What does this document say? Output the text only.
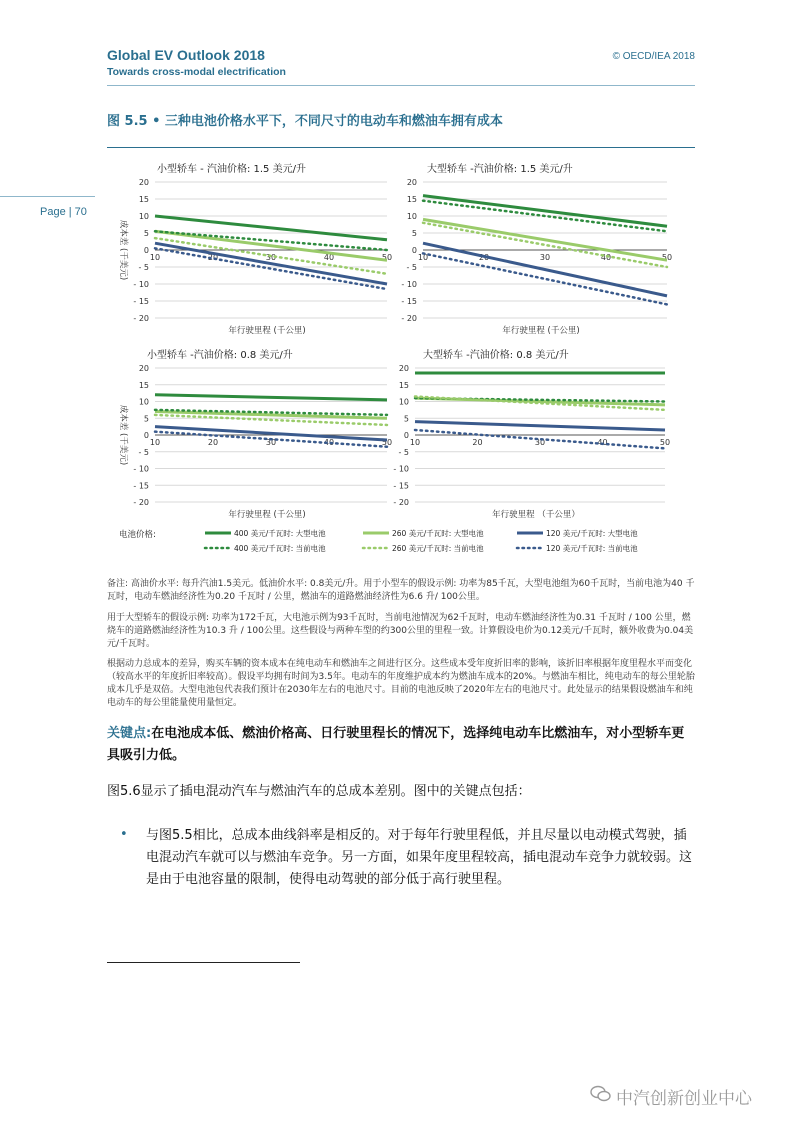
Global EV Outlook 2018
Towards cross-modal electrification
© OECD/IEA 2018
Page | 70
图 5.5 • 三种电池价格水平下，不同尺寸的电动车和燃油车拥有成本
小型轿车 - 汽油价格: 1.5 美元/升
20
15
10
5
0
- 5
- 10
- 15
- 20
10	20	30	40	50
年行驶里程 (千公里)
成本差 (千美元)
大型轿车 -汽油价格: 1.5 美元/升
20
15
10
5
0
- 5
- 10
- 15
- 20
10	20	30	40	50
年行驶里程 (千公里)
小型轿车 -汽油价格: 0.8 美元/升
20
15
10
5
0
- 5
- 10
- 15
- 20
10	20	30	40	50
年行驶里程 (千公里)
成本差 (千美元)
大型轿车 -汽油价格: 0.8 美元/升
20
15
10
5
0
- 5
- 10
- 15
- 20
10	20	30	40	50
年行驶里程 （千公里）
电池价格:	400 美元/千瓦时: 大型电池	260 美元/千瓦时: 大型电池	120 美元/千瓦时: 大型电池
400 美元/千瓦时: 当前电池	260 美元/千瓦时: 当前电池	120 美元/千瓦时: 当前电池
备注: 高油价水平: 每升汽油1.5美元。低油价水平: 0.8美元/升。用于小型车的假设示例: 功率为85千瓦，大型电池组为60千瓦时，当前电池为40 千瓦时，电动车燃油经济性为0.20 千瓦时 / 公里，燃油车的道路燃油经济性为6.6 升/ 100公里。
用于大型轿车的假设示例: 功率为172千瓦，大电池示例为93千瓦时，当前电池情况为62千瓦时，电动车燃油经济性为0.31 千瓦时 / 100 公里，燃烧车的道路燃油经济性为10.3 升 / 100公里。这些假设与两种车型的约300公里的里程一致。计算假设电价为0.12美元/千瓦时，额外收费为0.04美元/千瓦时。
根据动力总成本的差异，购买车辆的资本成本在纯电动车和燃油车之间进行区分。这些成本受年度折旧率的影响，该折旧率根据年度里程水平而变化（较高水平的年度折旧率较高）。假设平均拥有时间为3.5年。电动车的年度维护成本约为燃油车成本的20%。与燃油车相比，纯电动车的每公里轮胎成本几乎是双倍。大型电池包代表我们预计在2030年左右的电池尺寸。目前的电池反映了2020年左右的电池尺寸。此处显示的结果假设燃油车和纯电动车的每公里能量使用量恒定。
关键点:在电池成本低、燃油价格高、日行驶里程长的情况下，选择纯电动车比燃油车，对小型轿车更具吸引力低。
图5.6显示了插电混动汽车与燃油汽车的总成本差别。图中的关键点包括：
• 与图5.5相比，总成本曲线斜率是相反的。对于每年行驶里程低，并且尽量以电动模式驾驶，插电混动汽车就可以与燃油车竞争。另一方面，如果年度里程较高，插电混动车竞争力就较弱。这是由于电池容量的限制，使得电动驾驶的部分低于高行驶里程。
中汽创新创业中心
